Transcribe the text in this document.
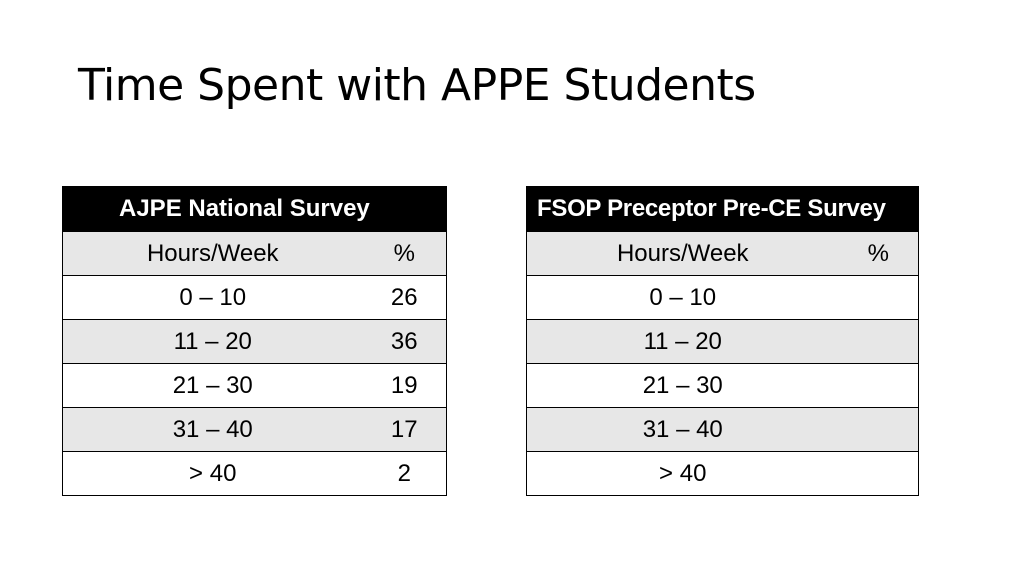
Time Spent with APPE Students
AJPE National Survey	
Hours/Week	%
0 – 10	26
11 – 20	36
21 – 30	19
31 – 40	17
> 40	2
FSOP Preceptor Pre-CE Survey	
Hours/Week	%
0 – 10	
11 – 20	
21 – 30	
31 – 40	
> 40	
